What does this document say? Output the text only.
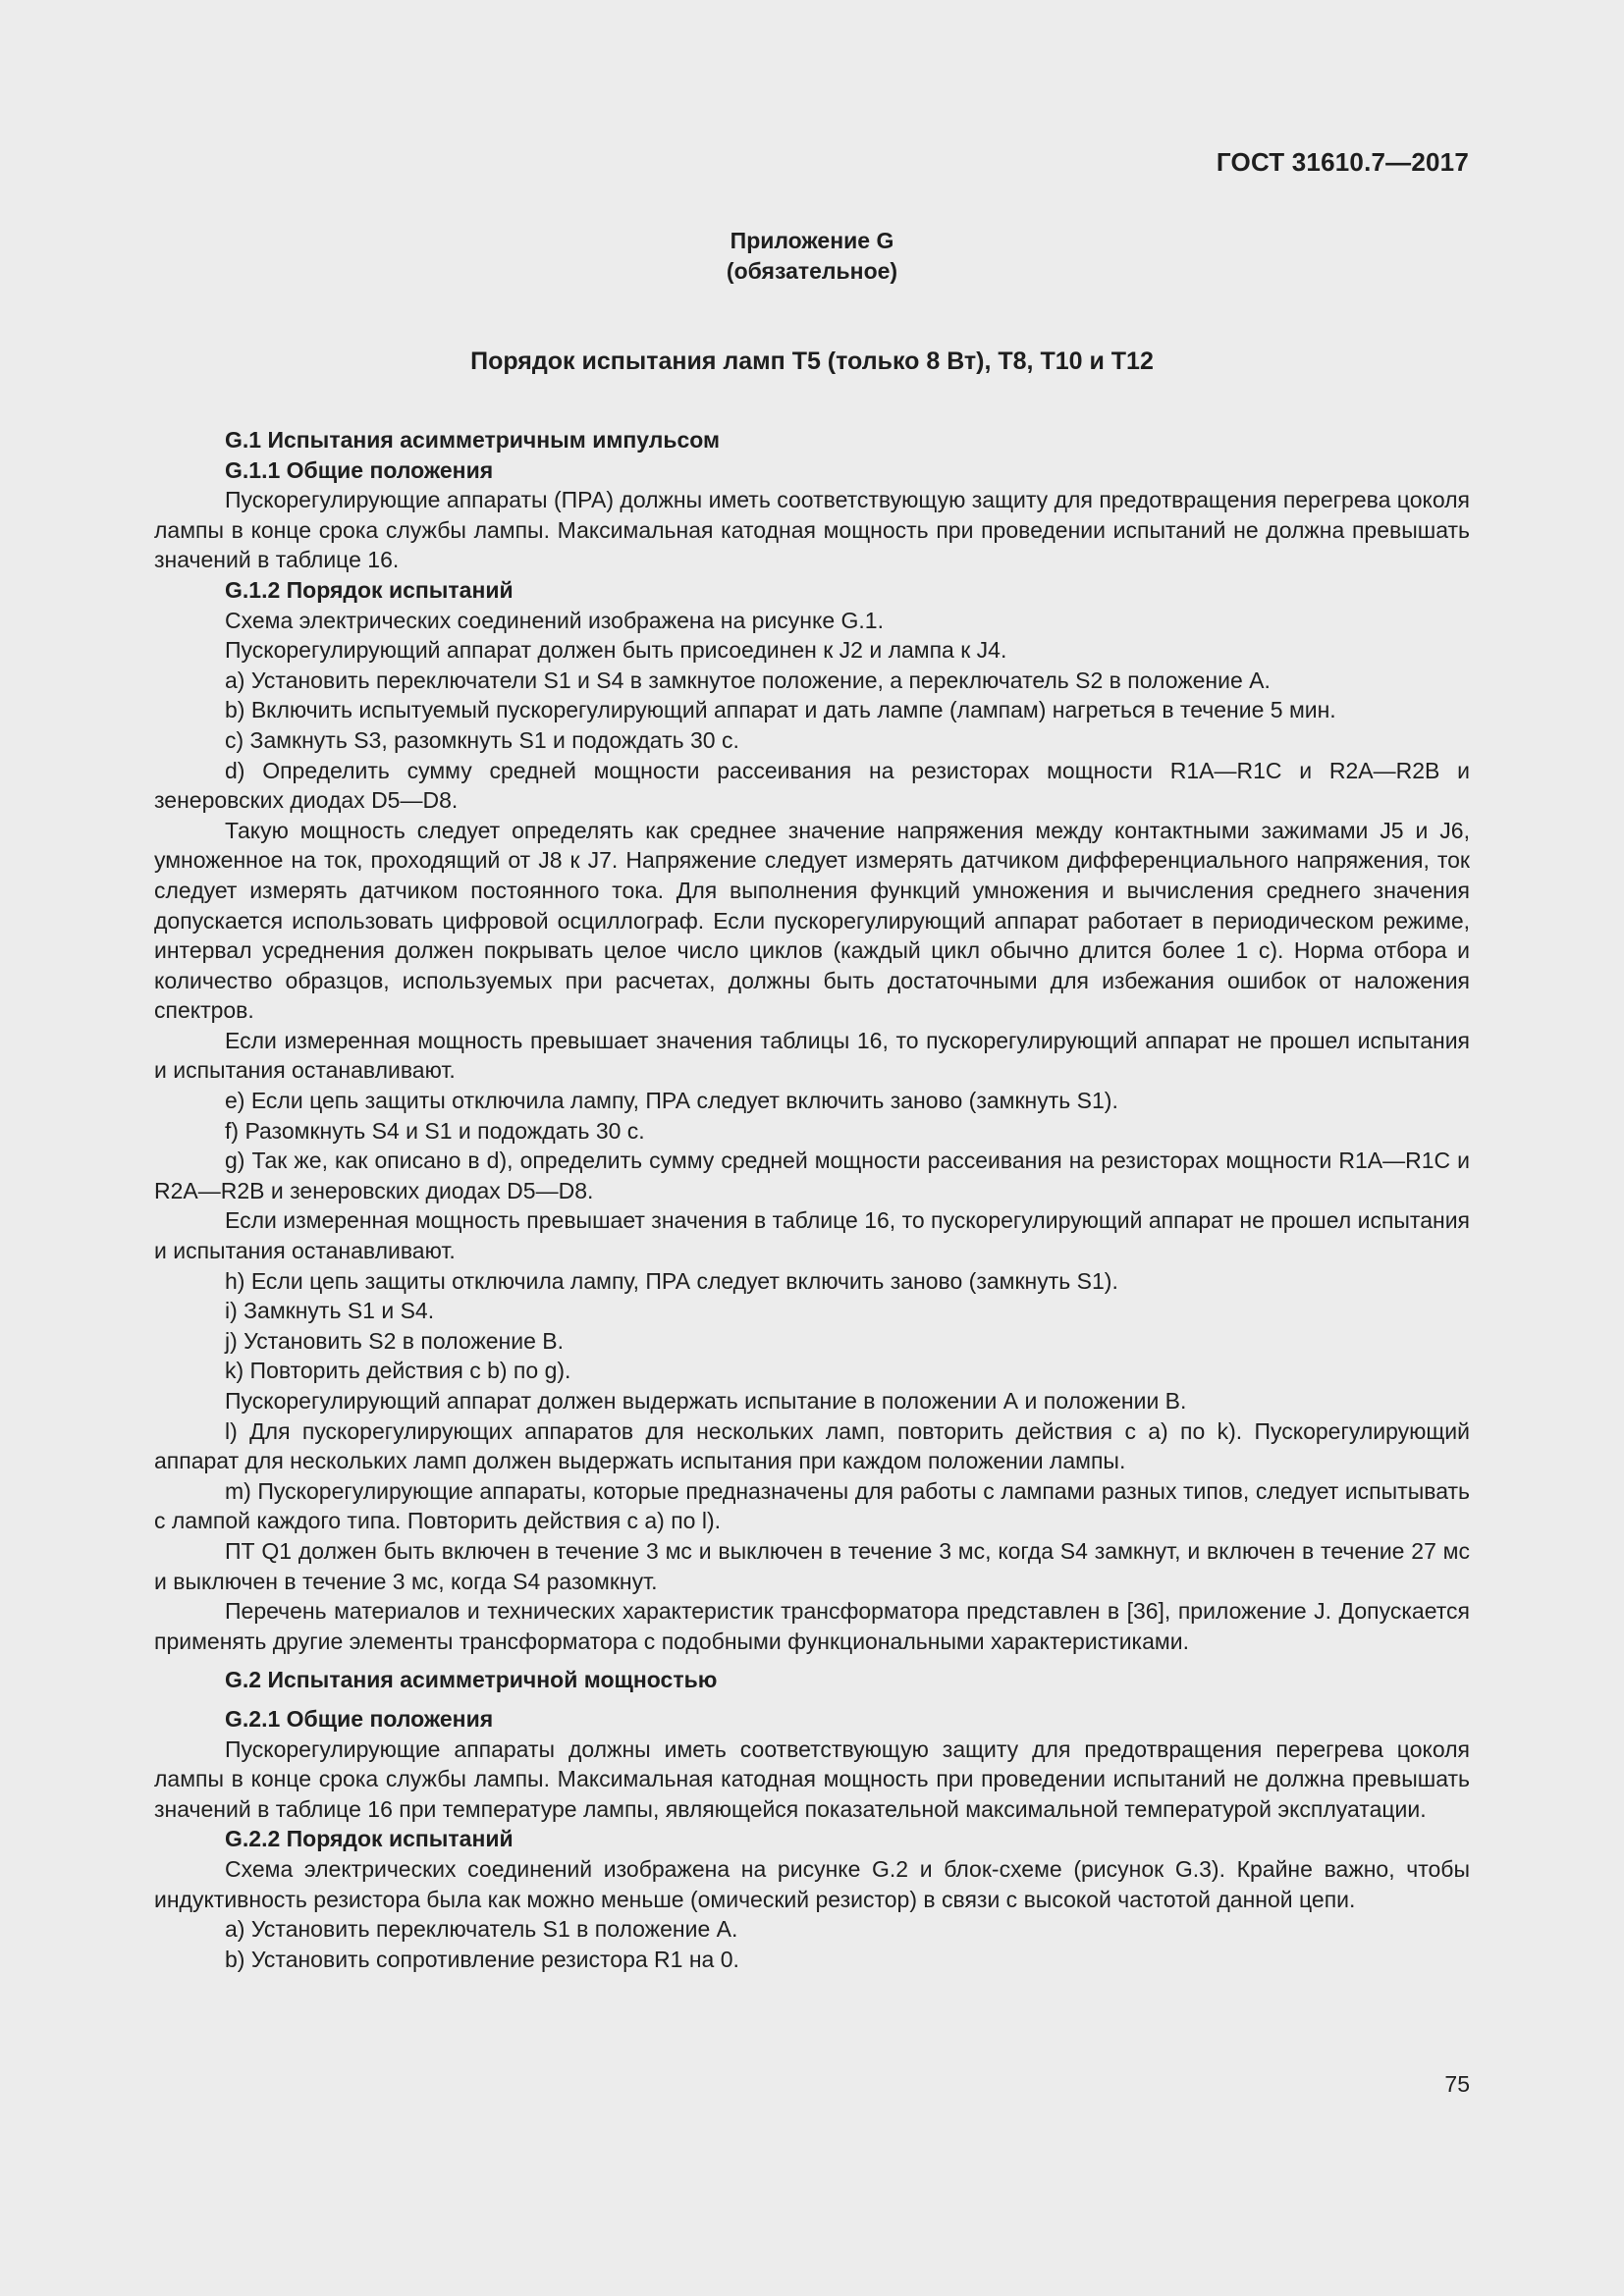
ГОСТ 31610.7—2017
Приложение G
(обязательное)
Порядок испытания ламп T5 (только 8 Вт), T8, T10 и T12

G.1 Испытания асимметричным импульсом

G.1.1 Общие положения

Пускорегулирующие аппараты (ПРА) должны иметь соответствующую защиту для предотвращения перегрева цоколя лампы в конце срока службы лампы. Максимальная катодная мощность при проведении испытаний не должна превышать значений в таблице 16.

G.1.2 Порядок испытаний

Схема электрических соединений изображена на рисунке G.1.

Пускорегулирующий аппарат должен быть присоединен к J2 и лампа к J4.

a) Установить переключатели S1 и S4 в замкнутое положение, а переключатель S2 в положение А.

b) Включить испытуемый пускорегулирующий аппарат и дать лампе (лампам) нагреться в течение 5 мин.

c) Замкнуть S3, разомкнуть S1 и подождать 30 с.

d) Определить сумму средней мощности рассеивания на резисторах мощности R1A—R1C и R2A—R2B и зенеровских диодах D5—D8.

Такую мощность следует определять как среднее значение напряжения между контактными зажимами J5 и J6, умноженное на ток, проходящий от J8 к J7. Напряжение следует измерять датчиком дифференциального напряжения, ток следует измерять датчиком постоянного тока. Для выполнения функций умножения и вычисления среднего значения допускается использовать цифровой осциллограф. Если пускорегулирующий аппарат работает в периодическом режиме, интервал усреднения должен покрывать целое число циклов (каждый цикл обычно длится более 1 с). Норма отбора и количество образцов, используемых при расчетах, должны быть достаточными для избежания ошибок от наложения спектров.

Если измеренная мощность превышает значения таблицы 16, то пускорегулирующий аппарат не прошел испытания и испытания останавливают.

e) Если цепь защиты отключила лампу, ПРА следует включить заново (замкнуть S1).

f) Разомкнуть S4 и S1 и подождать 30 с.

g) Так же, как описано в d), определить сумму средней мощности рассеивания на резисторах мощности R1A—R1C и R2A—R2B и зенеровских диодах D5—D8.

Если измеренная мощность превышает значения в таблице 16, то пускорегулирующий аппарат не прошел испытания и испытания останавливают.

h) Если цепь защиты отключила лампу, ПРА следует включить заново (замкнуть S1).

i) Замкнуть S1 и S4.

j) Установить S2 в положение В.

k) Повторить действия с b) по g).

Пускорегулирующий аппарат должен выдержать испытание в положении А и положении В.

l) Для пускорегулирующих аппаратов для нескольких ламп, повторить действия с а) по k). Пускорегулирующий аппарат для нескольких ламп должен выдержать испытания при каждом положении лампы.

m) Пускорегулирующие аппараты, которые предназначены для работы с лампами разных типов, следует испытывать с лампой каждого типа. Повторить действия с а) по l).

ПТ Q1 должен быть включен в течение 3 мс и выключен в течение 3 мс, когда S4 замкнут, и включен в течение 27 мс и выключен в течение 3 мс, когда S4 разомкнут.

Перечень материалов и технических характеристик трансформатора представлен в [36], приложение J. Допускается применять другие элементы трансформатора с подобными функциональными характеристиками.

G.2 Испытания асимметричной мощностью

G.2.1 Общие положения

Пускорегулирующие аппараты должны иметь соответствующую защиту для предотвращения перегрева цоколя лампы в конце срока службы лампы. Максимальная катодная мощность при проведении испытаний не должна превышать значений в таблице 16 при температуре лампы, являющейся показательной максимальной температурой эксплуатации.

G.2.2 Порядок испытаний

Схема электрических соединений изображена на рисунке G.2 и блок-схеме (рисунок G.3). Крайне важно, чтобы индуктивность резистора была как можно меньше (омический резистор) в связи с высокой частотой данной цепи.

a) Установить переключатель S1 в положение А.

b) Установить сопротивление резистора R1 на 0.

75
